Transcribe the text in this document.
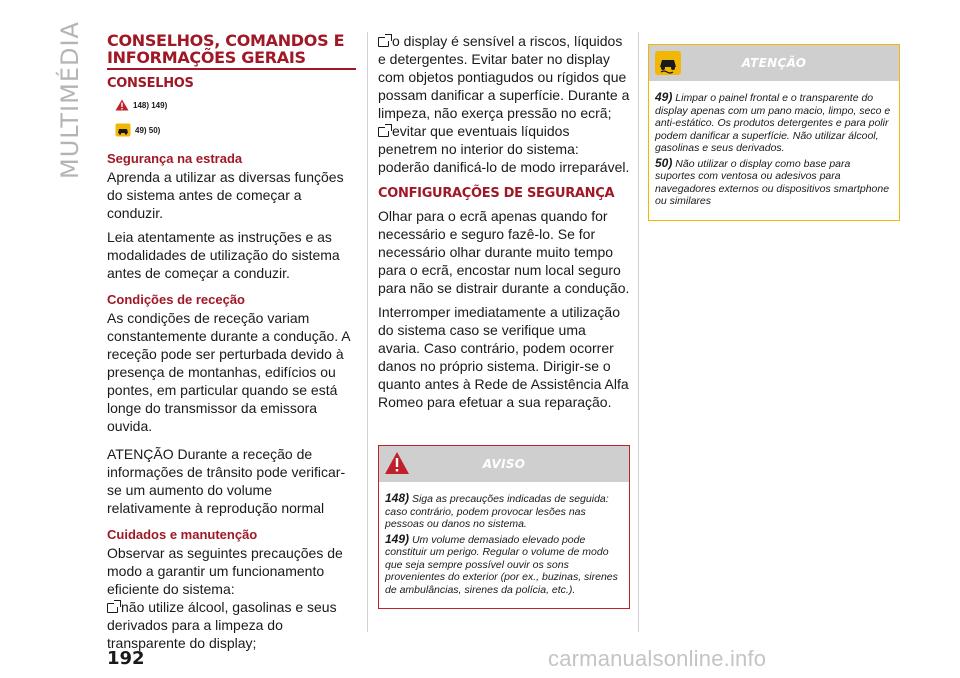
MULTIMÉDIA CONSELHOS, COMANDOS E INFORMAÇÕES GERAIS
CONSELHOS
148) 149)
49) 50)
Segurança na estrada

Aprenda a utilizar as diversas funções do sistema antes de começar a conduzir.

Leia atentamente as instruções e as modalidades de utilização do sistema antes de começar a conduzir.

Condições de receção

As condições de receção variam constantemente durante a condução. A receção pode ser perturbada devido à presença de montanhas, edifícios ou pontes, em particular quando se está longe do transmissor da emissora ouvida.

ATENÇÃO Durante a receção de informações de trânsito pode verificar-se um aumento do volume relativamente à reprodução normal

Cuidados e manutenção

Observar as seguintes precauções de modo a garantir um funcionamento eficiente do sistema:

não utilize álcool, gasolinas e seus derivados para a limpeza do transparente do display;

o display é sensível a riscos, líquidos e detergentes. Evitar bater no display com objetos pontiagudos ou rígidos que possam danificar a superfície. Durante a limpeza, não exerça pressão no ecrã;

evitar que eventuais líquidos penetrem no interior do sistema: poderão danificá-lo de modo irreparável.

CONFIGURAÇÕES DE SEGURANÇA

Olhar para o ecrã apenas quando for necessário e seguro fazê-lo. Se for necessário olhar durante muito tempo para o ecrã, encostar num local seguro para não se distrair durante a condução.

Interromper imediatamente a utilização do sistema caso se verifique uma avaria. Caso contrário, podem ocorrer danos no próprio sistema. Dirigir-se o quanto antes à Rede de Assistência Alfa Romeo para efetuar a sua reparação.

AVISO

148) Siga as precauções indicadas de seguida: caso contrário, podem provocar lesões nas pessoas ou danos no sistema.

149) Um volume demasiado elevado pode constituir um perigo. Regular o volume de modo que seja sempre possível ouvir os sons provenientes do exterior (por ex., buzinas, sirenes de ambulâncias, sirenes da polícia, etc.).

ATENÇÃO

49) Limpar o painel frontal e o transparente do display apenas com um pano macio, limpo, seco e anti-estático. Os produtos detergentes e para polir podem danificar a superfície. Não utilizar álcool, gasolinas e seus derivados.

50) Não utilizar o display como base para suportes com ventosa ou adesivos para navegadores externos ou dispositivos smartphone ou similares

192	carmanualsonline.info
